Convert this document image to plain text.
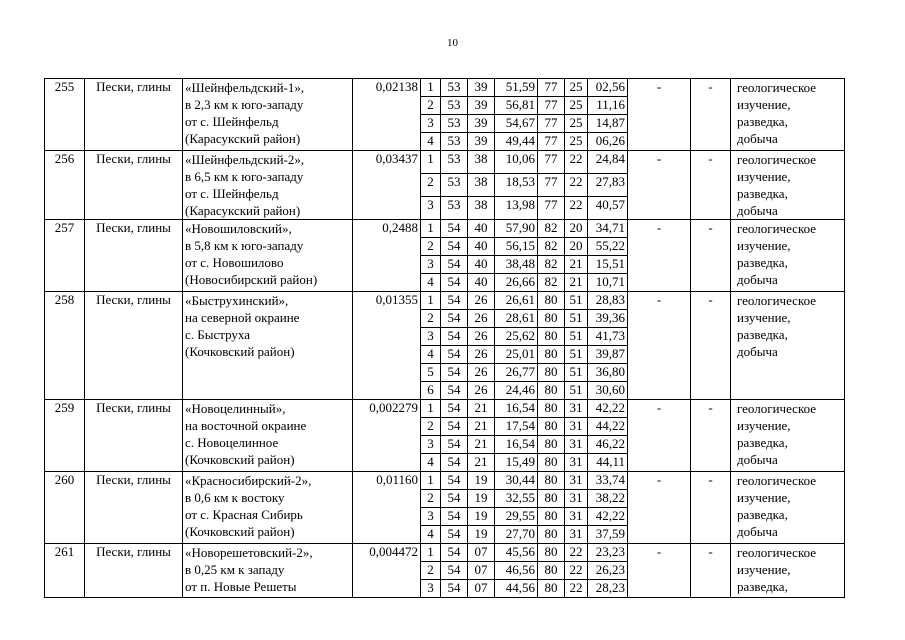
10
255	Пески, глины	«Шейнфельдский-1»,
в 2,3 км к юго-западу
от с. Шейнфельд
(Карасукский район)	0,02138	1	53	39	51,59	77	25	02,56	-	-	геологическое
изучение,
разведка,
добыча

				2	53	39	56,81	77	25	11,16			
				3	53	39	54,67	77	25	14,87			
				4	53	39	49,44	77	25	06,26			
256	Пески, глины	«Шейнфельдский-2»,
в 6,5 км к юго-западу
от с. Шейнфельд
(Карасукский район)	0,03437	1	53	38	10,06	77	22	24,84	-	-	геологическое
изучение,
разведка,
добыча

				2	53	38	18,53	77	22	27,83			
				3	53	38	13,98	77	22	40,57			
257	Пески, глины	«Новошиловский»,
в 5,8 км к юго-западу
от с. Новошилово
(Новосибирский район)	0,2488	1	54	40	57,90	82	20	34,71	-	-	геологическое
изучение,
разведка,
добыча

				2	54	40	56,15	82	20	55,22			
				3	54	40	38,48	82	21	15,51			
				4	54	40	26,66	82	21	10,71			
258	Пески, глины	«Быструхинский»,
на северной окраине
с. Быструха
(Кочковский район)	0,01355	1	54	26	26,61	80	51	28,83	-	-	геологическое
изучение,
разведка,
добыча

				2	54	26	28,61	80	51	39,36			
				3	54	26	25,62	80	51	41,73			
				4	54	26	25,01	80	51	39,87			
				5	54	26	26,77	80	51	36,80			
				6	54	26	24,46	80	51	30,60			
259	Пески, глины	«Новоцелинный»,
на восточной окраине
с. Новоцелинное
(Кочковский район)	0,002279	1	54	21	16,54	80	31	42,22	-	-	геологическое
изучение,
разведка,
добыча

				2	54	21	17,54	80	31	44,22			
				3	54	21	16,54	80	31	46,22			
				4	54	21	15,49	80	31	44,11			
260	Пески, глины	«Красносибирский-2»,
в 0,6 км к востоку
от с. Красная Сибирь
(Кочковский район)	0,01160	1	54	19	30,44	80	31	33,74	-	-	геологическое
изучение,
разведка,
добыча

				2	54	19	32,55	80	31	38,22			
				3	54	19	29,55	80	31	42,22			
				4	54	19	27,70	80	31	37,59			
261	Пески, глины	«Новорешетовский-2»,
в 0,25 км к западу
от п. Новые Решеты	0,004472	1	54	07	45,56	80	22	23,23	-	-	геологическое
изучение,
разведка,

				2	54	07	46,56	80	22	26,23			
				3	54	07	44,56	80	22	28,23			
